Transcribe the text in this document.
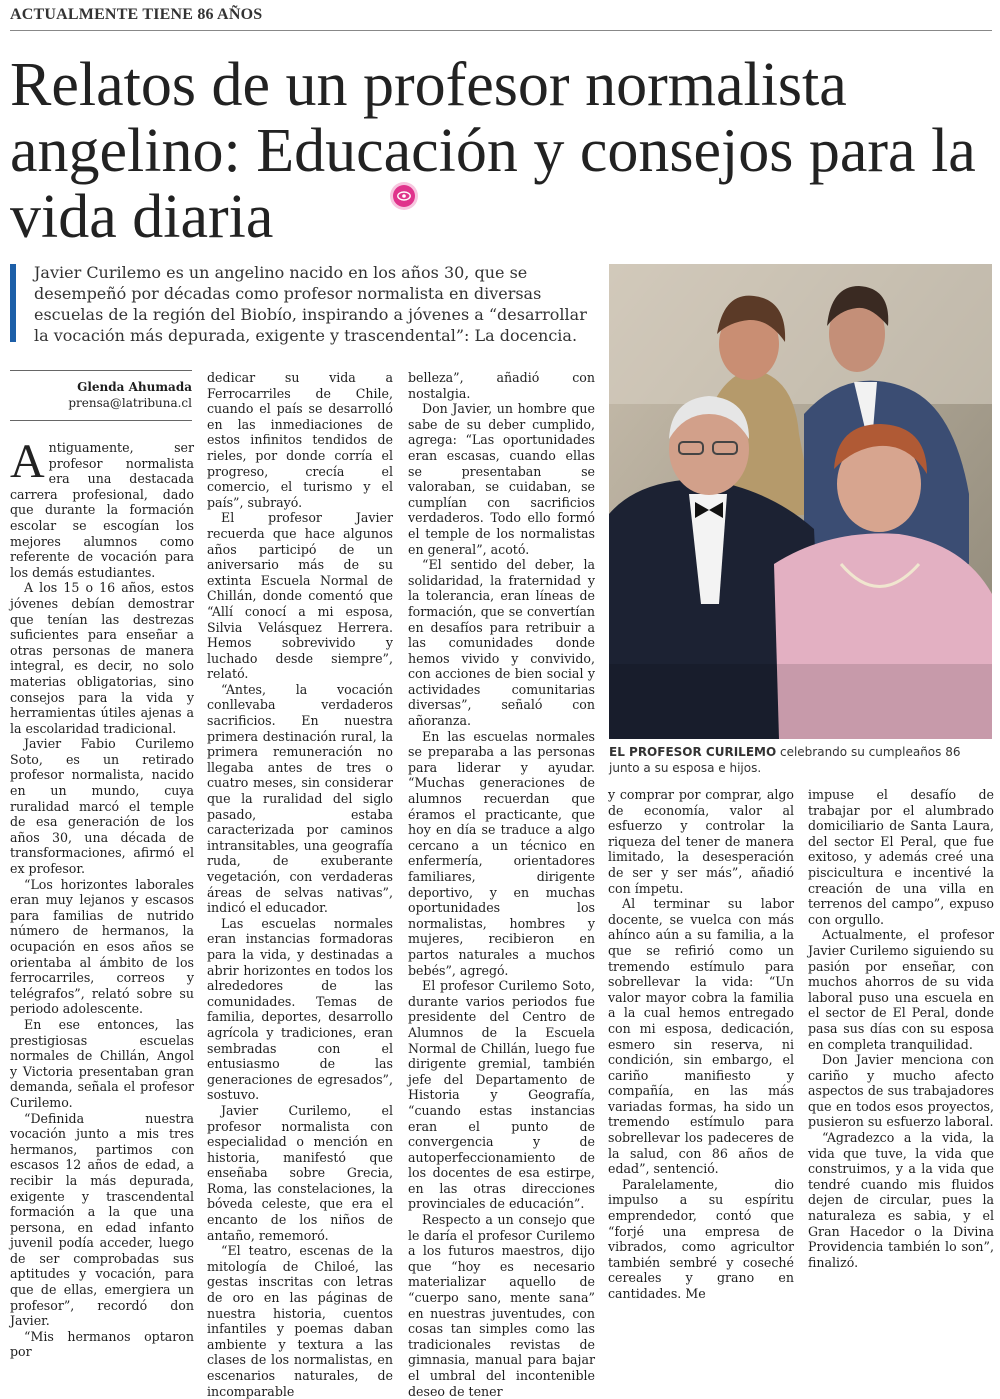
ACTUALMENTE TIENE 86 AÑOS
Relatos de un profesor normalista angelino: Educación y consejos para la vida diaria

Javier Curilemo es un angelino nacido en los años 30, que se desempeñó por décadas como profesor normalista en diversas escuelas de la región del Biobío, inspirando a jóvenes a “desarrollar la vocación más depurada, exigente y trascendental”: La docencia.

Glenda Ahumada
prensa@latribuna.cl

EL PROFESOR CURILEMO celebrando su cumpleaños 86 junto a su esposa e hijos.

Antiguamente, ser profesor normalista era una destacada carrera profesional, dado que durante la formación escolar se escogían los mejores alumnos como referente de vocación para los demás estudiantes.

A los 15 o 16 años, estos jóvenes debían demostrar que tenían las destrezas suficientes para enseñar a otras personas de manera integral, es decir, no solo materias obligatorias, sino consejos para la vida y herramientas útiles ajenas a la escolaridad tradicional.

Javier Fabio Curilemo Soto, es un retirado profesor normalista, nacido en un mundo, cuya ruralidad marcó el temple de esa generación de los años 30, una década de transformaciones, afirmó el ex profesor.

“Los horizontes laborales eran muy lejanos y escasos para familias de nutrido número de hermanos, la ocupación en esos años se orientaba al ámbito de los ferrocarriles, correos y telégrafos”, relató sobre su periodo adolescente.

En ese entonces, las prestigiosas escuelas normales de Chillán, Angol y Victoria presentaban gran demanda, señala el profesor Curilemo.

“Definida nuestra vocación junto a mis tres hermanos, partimos con escasos 12 años de edad, a recibir la más depurada, exigente y trascendental formación a la que una persona, en edad infanto juvenil podía acceder, luego de ser comprobadas sus aptitudes y vocación, para que de ellas, emergiera un profesor”, recordó don Javier.

“Mis hermanos optaron por

dedicar su vida a Ferrocarriles de Chile, cuando el país se desarrolló en las inmediaciones de estos infinitos tendidos de rieles, por donde corría el progreso, crecía el comercio, el turismo y el país”, subrayó.

El profesor Javier recuerda que hace algunos años participó de un aniversario más de su extinta Escuela Normal de Chillán, donde comentó que “Allí conocí a mi esposa, Silvia Velásquez Herrera. Hemos sobrevivido y luchado desde siempre”, relató.

“Antes, la vocación conllevaba verdaderos sacrificios. En nuestra primera destinación rural, la primera remuneración no llegaba antes de tres o cuatro meses, sin considerar que la ruralidad del siglo pasado, estaba caracterizada por caminos intransitables, una geografía ruda, de exuberante vegetación, con verdaderas áreas de selvas nativas”, indicó el educador.

Las escuelas normales eran instancias formadoras para la vida, y destinadas a abrir horizontes en todos los alrededores de las comunidades. Temas de familia, deportes, desarrollo agrícola y tradiciones, eran sembradas con el entusiasmo de las generaciones de egresados”, sostuvo.

Javier Curilemo, el profesor normalista con especialidad o mención en historia, manifestó que enseñaba sobre Grecia, Roma, las constelaciones, la bóveda celeste, que era el encanto de los niños de antaño, rememoró.

“El teatro, escenas de la mitología de Chiloé, las gestas inscritas con letras de oro en las páginas de nuestra historia, cuentos infantiles y poemas daban ambiente y textura a las clases de los normalistas, en escenarios naturales, de incomparable

belleza”, añadió con nostalgia.

Don Javier, un hombre que sabe de su deber cumplido, agrega: “Las oportunidades eran escasas, cuando ellas se presentaban se valoraban, se cuidaban, se cumplían con sacrificios verdaderos. Todo ello formó el temple de los normalistas en general”, acotó.

“El sentido del deber, la solidaridad, la fraternidad y la tolerancia, eran líneas de formación, que se convertían en desafíos para retribuir a las comunidades donde hemos vivido y convivido, con acciones de bien social y actividades comunitarias diversas”, señaló con añoranza.

En las escuelas normales se preparaba a las personas para liderar y ayudar. “Muchas generaciones de alumnos recuerdan que éramos el practicante, que hoy en día se traduce a algo cercano a un técnico en enfermería, orientadores familiares, dirigente deportivo, y en muchas oportunidades los normalistas, hombres y mujeres, recibieron en partos naturales a muchos bebés”, agregó.

El profesor Curilemo Soto, durante varios periodos fue presidente del Centro de Alumnos de la Escuela Normal de Chillán, luego fue dirigente gremial, también jefe del Departamento de Historia y Geografía, “cuando estas instancias eran el punto de convergencia y de autoperfeccionamiento de los docentes de esa estirpe, en las otras direcciones provinciales de educación”.

Respecto a un consejo que le daría el profesor Curilemo a los futuros maestros, dijo que “hoy es necesario materializar aquello de “cuerpo sano, mente sana” en nuestras juventudes, con cosas tan simples como las tradicionales revistas de gimnasia, manual para bajar el umbral del incontenible deseo de tener

y comprar por comprar, algo de economía, valor al esfuerzo y controlar la riqueza del tener de manera limitado, la desesperación de ser y ser más”, añadió con ímpetu.

Al terminar su labor docente, se vuelca con más ahínco aún a su familia, a la que se refirió como un tremendo estímulo para sobrellevar la vida: “Un valor mayor cobra la familia a la cual hemos entregado con mi esposa, dedicación, esmero sin reserva, ni condición, sin embargo, el cariño manifiesto y compañía, en las más variadas formas, ha sido un tremendo estímulo para sobrellevar los padeceres de la salud, con 86 años de edad”, sentenció.

Paralelamente, dio impulso a su espíritu emprendedor, contó que “forjé una empresa de vibrados, como agricultor también sembré y coseché cereales y grano en cantidades. Me

impuse el desafío de trabajar por el alumbrado domiciliario de Santa Laura, del sector El Peral, que fue exitoso, y además creé una piscicultura e incentivé la creación de una villa en terrenos del campo”, expuso con orgullo.

Actualmente, el profesor Javier Curilemo siguiendo su pasión por enseñar, con muchos ahorros de su vida laboral puso una escuela en el sector de El Peral, donde pasa sus días con su esposa en completa tranquilidad.

Don Javier menciona con cariño y mucho afecto aspectos de sus trabajadores que en todos esos proyectos, pusieron su esfuerzo laboral.

“Agradezco a la vida, la vida que tuve, la vida que construimos, y a la vida que tendré cuando mis fluidos dejen de circular, pues la naturaleza es sabia, y el Gran Hacedor o la Divina Providencia también lo son”, finalizó.
